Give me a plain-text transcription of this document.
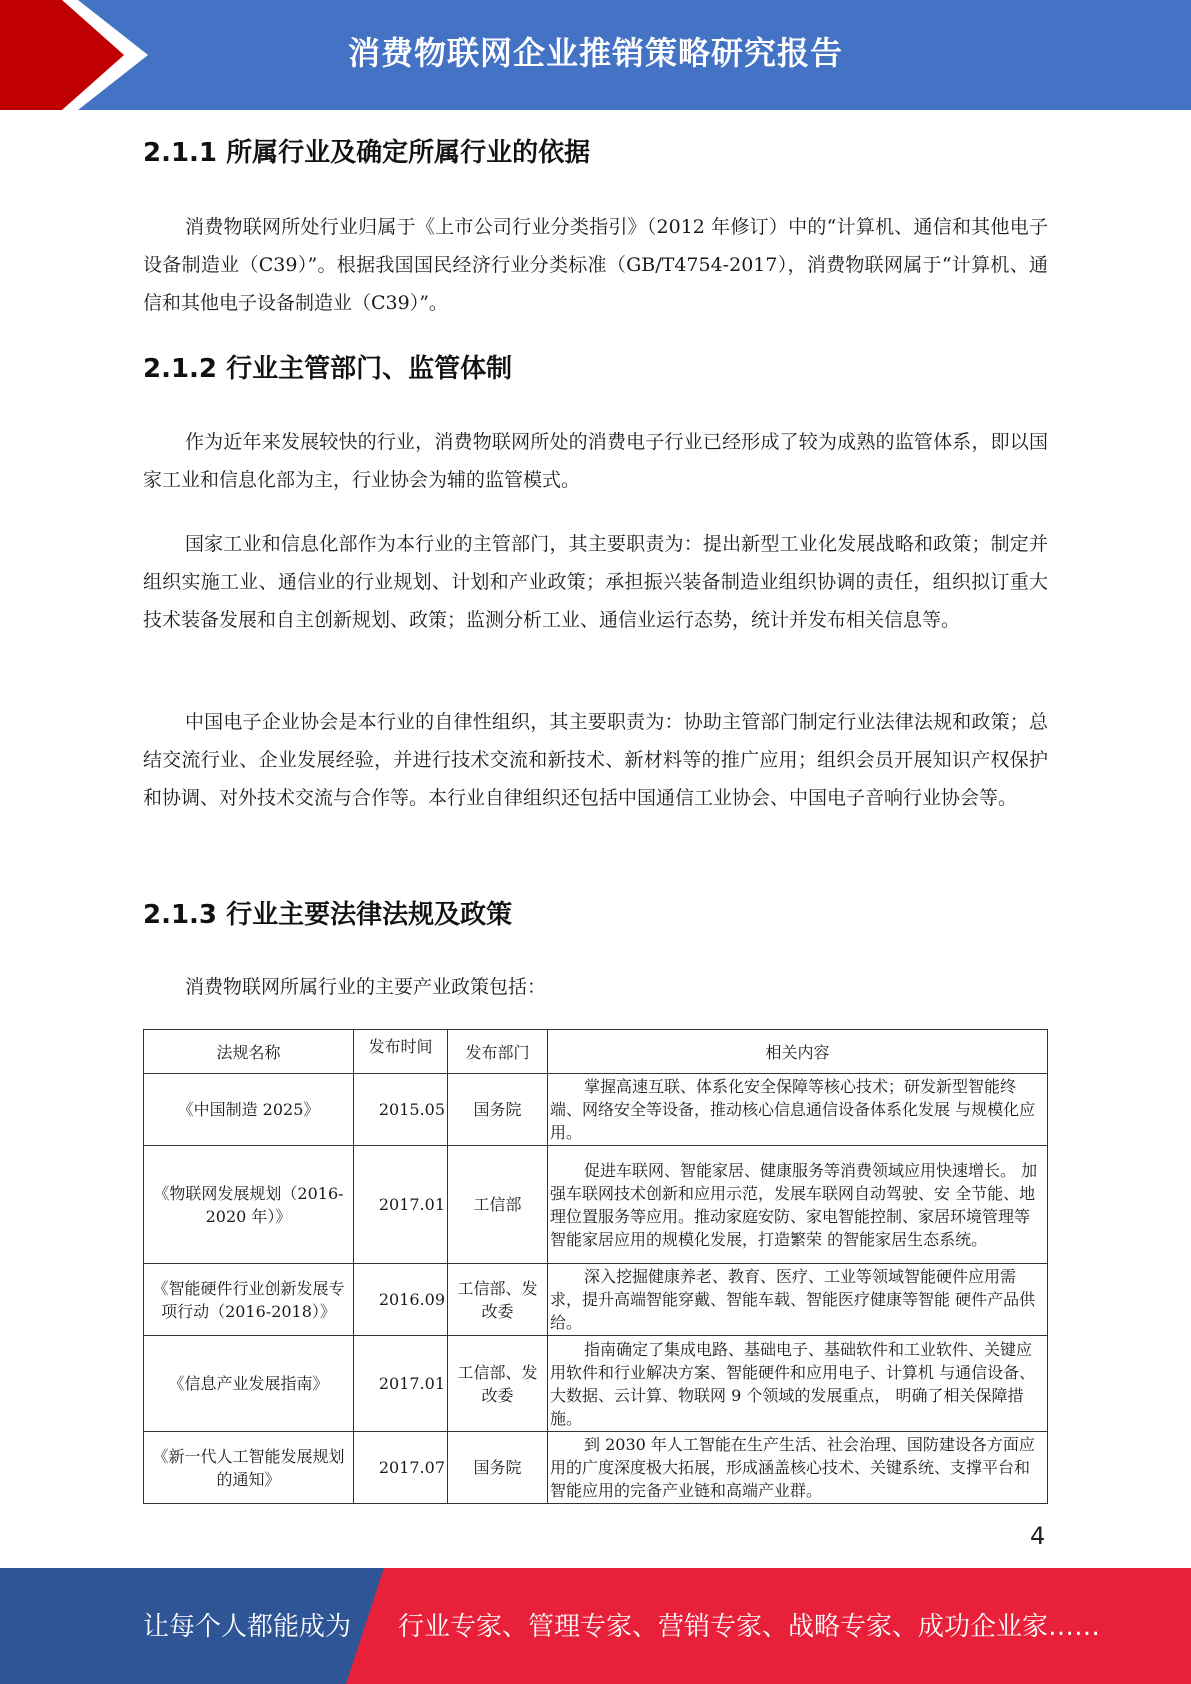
消费物联网企业推销策略研究报告
2.1.1 所属行业及确定所属行业的依据
消费物联网所处行业归属于《上市公司行业分类指引》（2012 年修订）中的“计算机、通信和其他电子设备制造业（C39）”。根据我国国民经济行业分类标准（GB/T4754-2017），消费物联网属于“计算机、通信和其他电子设备制造业（C39）”。
2.1.2 行业主管部门、监管体制
作为近年来发展较快的行业，消费物联网所处的消费电子行业已经形成了较为成熟的监管体系，即以国家工业和信息化部为主，行业协会为辅的监管模式。
国家工业和信息化部作为本行业的主管部门，其主要职责为：提出新型工业化发展战略和政策；制定并组织实施工业、通信业的行业规划、计划和产业政策；承担振兴装备制造业组织协调的责任，组织拟订重大技术装备发展和自主创新规划、政策；监测分析工业、通信业运行态势，统计并发布相关信息等。
中国电子企业协会是本行业的自律性组织，其主要职责为：协助主管部门制定行业法律法规和政策；总结交流行业、企业发展经验，并进行技术交流和新技术、新材料等的推广应用；组织会员开展知识产权保护和协调、对外技术交流与合作等。本行业自律组织还包括中国通信工业协会、中国电子音响行业协会等。
2.1.3 行业主要法律法规及政策
消费物联网所属行业的主要产业政策包括：
法规名称	发布时间	发布部门	相关内容
《中国制造 2025》	2015.05	国务院	掌握高速互联、体系化安全保障等核心技术；研发新型智能终端、网络安全等设备，推动核心信息通信设备体系化发展 与规模化应用。
《物联网发展规划（2016-2020 年）》	2017.01	工信部	促进车联网、智能家居、健康服务等消费领域应用快速增长。 加强车联网技术创新和应用示范，发展车联网自动驾驶、安 全节能、地理位置服务等应用。推动家庭安防、家电智能控制、家居环境管理等智能家居应用的规模化发展，打造繁荣 的智能家居生态系统。
《智能硬件行业创新发展专项行动（2016-2018）》	2016.09	工信部、发 改委	深入挖掘健康养老、教育、医疗、工业等领域智能硬件应用需求，提升高端智能穿戴、智能车载、智能医疗健康等智能 硬件产品供给。
《信息产业发展指南》	2017.01	工信部、发 改委	指南确定了集成电路、基础电子、基础软件和工业软件、关键应用软件和行业解决方案、智能硬件和应用电子、计算机 与通信设备、大数据、云计算、物联网 9 个领域的发展重点， 明确了相关保障措施。
《新一代人工智能发展规划的通知》	2017.07	国务院	到 2030 年人工智能在生产生活、社会治理、国防建设各方面应用的广度深度极大拓展，形成涵盖核心技术、关键系统、支撑平台和智能应用的完备产业链和高端产业群。
4
让每个人都能成为 行业专家、管理专家、营销专家、战略专家、成功企业家……
